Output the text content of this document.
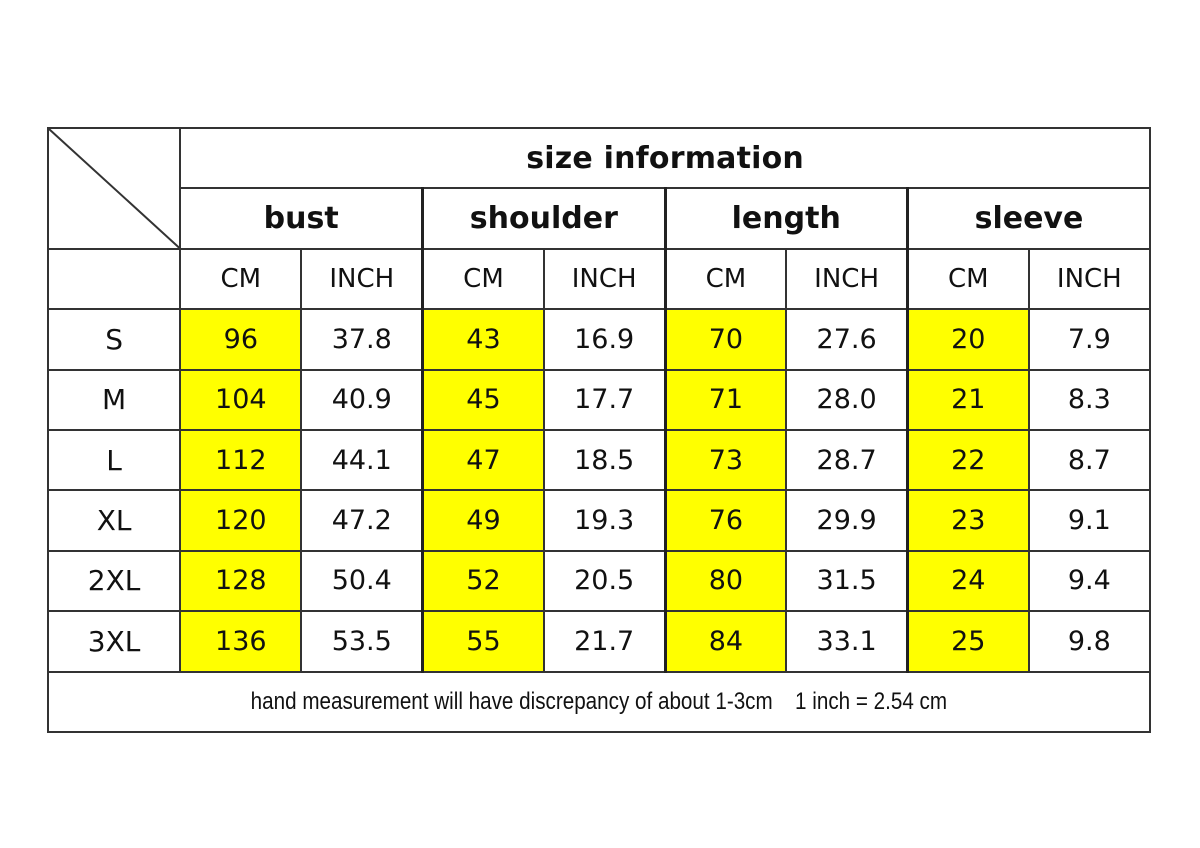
	size information							
	bust		shoulder		length		sleeve	
	CM	INCH	CM	INCH	CM	INCH	CM	INCH
S	96	37.8	43	16.9	70	27.6	20	7.9
M	104	40.9	45	17.7	71	28.0	21	8.3
L	112	44.1	47	18.5	73	28.7	22	8.7
XL	120	47.2	49	19.3	76	29.9	23	9.1
2XL	128	50.4	52	20.5	80	31.5	24	9.4
3XL	136	53.5	55	21.7	84	33.1	25	9.8
hand measurement will have discrepancy of about 1-3cm 1 inch = 2.54 cm								
